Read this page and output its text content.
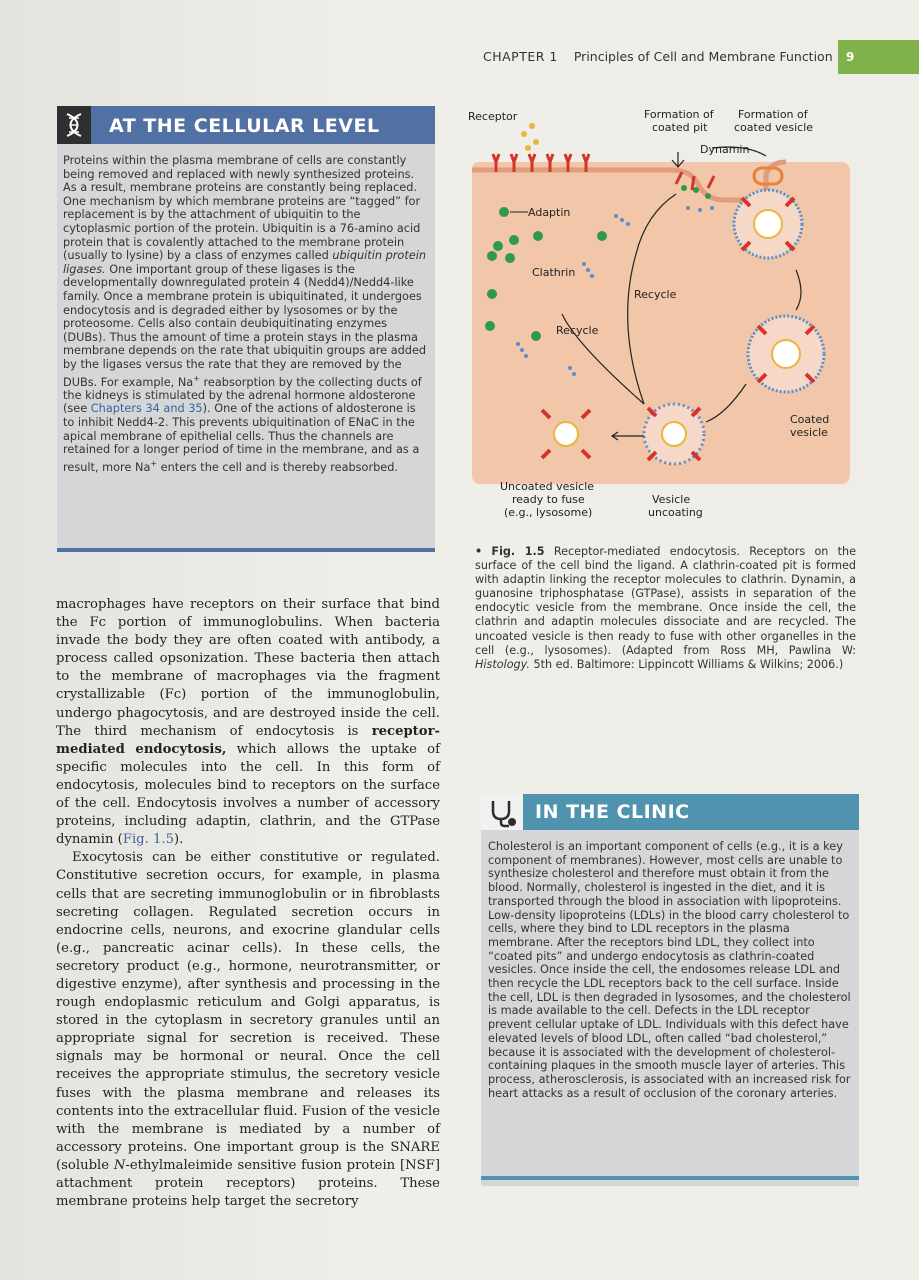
CHAPTER 1 Principles of Cell and Membrane Function	9
AT THE CELLULAR LEVEL
Proteins within the plasma membrane of cells are constantly being removed and replaced with newly synthesized proteins. As a result, membrane proteins are constantly being replaced. One mechanism by which membrane proteins are “tagged” for replacement is by the attachment of ubiquitin to the cytoplasmic portion of the protein. Ubiquitin is a 76-amino acid protein that is covalently attached to the membrane protein (usually to lysine) by a class of enzymes called ubiquitin protein ligases. One important group of these ligases is the developmentally downregulated protein 4 (Nedd4)/Nedd4-like family. Once a membrane protein is ubiquitinated, it undergoes endocytosis and is degraded either by lysosomes or by the proteosome. Cells also contain deubiquitinating enzymes (DUBs). Thus the amount of time a protein stays in the plasma membrane depends on the rate that ubiquitin groups are added by the ligases versus the rate that they are removed by the DUBs. For example, Na+ reabsorption by the collecting ducts of the kidneys is stimulated by the adrenal hormone aldosterone (see Chapters 34 and 35). One of the actions of aldosterone is to inhibit Nedd4-2. This prevents ubiquitination of ENaC in the apical membrane of epithelial cells. Thus the channels are retained for a longer period of time in the membrane, and as a result, more Na+ enters the cell and is thereby reabsorbed.

macrophages have receptors on their surface that bind the Fc portion of immunoglobulins. When bacteria invade the body they are often coated with antibody, a process called opsonization. These bacteria then attach to the membrane of macrophages via the fragment crystallizable (Fc) portion of the immunoglobulin, undergo phagocytosis, and are destroyed inside the cell. The third mechanism of endocytosis is receptor-mediated endocytosis, which allows the uptake of specific molecules into the cell. In this form of endocytosis, molecules bind to receptors on the surface of the cell. Endocytosis involves a number of accessory proteins, including adaptin, clathrin, and the GTPase dynamin (Fig. 1.5).

Exocytosis can be either constitutive or regulated. Constitutive secretion occurs, for example, in plasma cells that are secreting immunoglobulin or in fibroblasts secreting collagen. Regulated secretion occurs in endocrine cells, neurons, and exocrine glandular cells (e.g., pancreatic acinar cells). In these cells, the secretory product (e.g., hormone, neurotransmitter, or digestive enzyme), after synthesis and processing in the rough endoplasmic reticulum and Golgi apparatus, is stored in the cytoplasm in secretory granules until an appropriate signal for secretion is received. These signals may be hormonal or neural. Once the cell receives the appropriate stimulus, the secretory vesicle fuses with the plasma membrane and releases its contents into the extracellular fluid. Fusion of the vesicle with the membrane is mediated by a number of accessory proteins. One important group is the SNARE (soluble N-ethylmaleimide sensitive fusion protein [NSF] attachment protein receptors) proteins. These membrane proteins help target the secretory

Receptor	Formation of
coated pit
Formation of
coated vesicle
Dynamin
Adaptin
Clathrin
Recycle
Recycle
Coated
vesicle
Uncoated vesicle
ready to fuse
(e.g., lysosome)
Vesicle
uncoating
• Fig. 1.5 Receptor-mediated endocytosis. Receptors on the surface of the cell bind the ligand. A clathrin-coated pit is formed with adaptin linking the receptor molecules to clathrin. Dynamin, a guanosine triphosphatase (GTPase), assists in separation of the endocytic vesicle from the membrane. Once inside the cell, the clathrin and adaptin molecules dissociate and are recycled. The uncoated vesicle is then ready to fuse with other organelles in the cell (e.g., lysosomes). (Adapted from Ross MH, Pawlina W: Histology. 5th ed. Baltimore: Lippincott Williams & Wilkins; 2006.)
IN THE CLINIC
Cholesterol is an important component of cells (e.g., it is a key component of membranes). However, most cells are unable to synthesize cholesterol and therefore must obtain it from the blood. Normally, cholesterol is ingested in the diet, and it is transported through the blood in association with lipoproteins. Low-density lipoproteins (LDLs) in the blood carry cholesterol to cells, where they bind to LDL receptors in the plasma membrane. After the receptors bind LDL, they collect into “coated pits” and undergo endocytosis as clathrin-coated vesicles. Once inside the cell, the endosomes release LDL and then recycle the LDL receptors back to the cell surface. Inside the cell, LDL is then degraded in lysosomes, and the cholesterol is made available to the cell. Defects in the LDL receptor prevent cellular uptake of LDL. Individuals with this defect have elevated levels of blood LDL, often called “bad cholesterol,” because it is associated with the development of cholesterol-containing plaques in the smooth muscle layer of arteries. This process, atherosclerosis, is associated with an increased risk for heart attacks as a result of occlusion of the coronary arteries.
